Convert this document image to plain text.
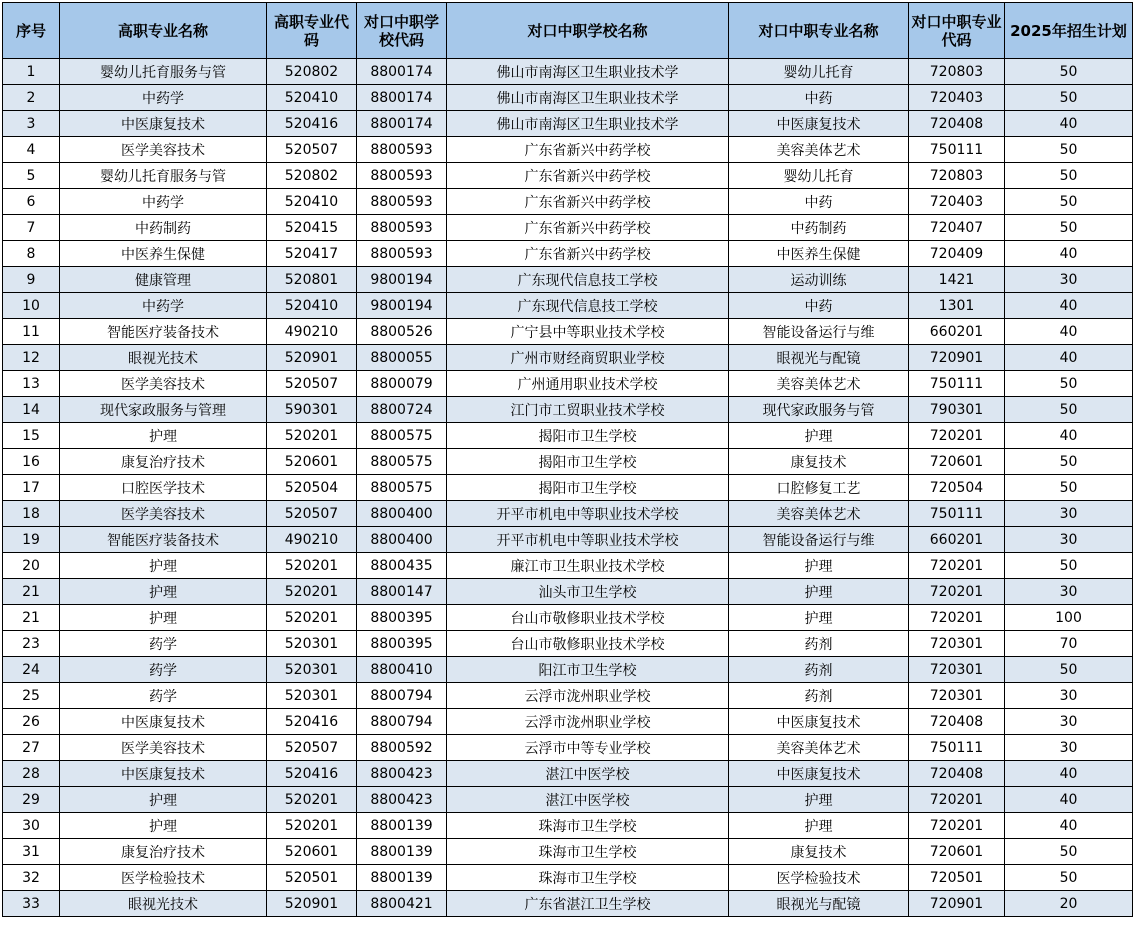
序号	高职专业名称	高职专业代码	对口中职学校代码	对口中职学校名称	对口中职专业名称	对口中职专业代码	2025年招生计划
1	婴幼儿托育服务与管	520802	8800174	佛山市南海区卫生职业技术学	婴幼儿托育	720803	50
2	中药学	520410	8800174	佛山市南海区卫生职业技术学	中药	720403	50
3	中医康复技术	520416	8800174	佛山市南海区卫生职业技术学	中医康复技术	720408	40
4	医学美容技术	520507	8800593	广东省新兴中药学校	美容美体艺术	750111	50
5	婴幼儿托育服务与管	520802	8800593	广东省新兴中药学校	婴幼儿托育	720803	50
6	中药学	520410	8800593	广东省新兴中药学校	中药	720403	50
7	中药制药	520415	8800593	广东省新兴中药学校	中药制药	720407	50
8	中医养生保健	520417	8800593	广东省新兴中药学校	中医养生保健	720409	40
9	健康管理	520801	9800194	广东现代信息技工学校	运动训练	1421	30
10	中药学	520410	9800194	广东现代信息技工学校	中药	1301	40
11	智能医疗装备技术	490210	8800526	广宁县中等职业技术学校	智能设备运行与维	660201	40
12	眼视光技术	520901	8800055	广州市财经商贸职业学校	眼视光与配镜	720901	40
13	医学美容技术	520507	8800079	广州通用职业技术学校	美容美体艺术	750111	50
14	现代家政服务与管理	590301	8800724	江门市工贸职业技术学校	现代家政服务与管	790301	50
15	护理	520201	8800575	揭阳市卫生学校	护理	720201	40
16	康复治疗技术	520601	8800575	揭阳市卫生学校	康复技术	720601	50
17	口腔医学技术	520504	8800575	揭阳市卫生学校	口腔修复工艺	720504	50
18	医学美容技术	520507	8800400	开平市机电中等职业技术学校	美容美体艺术	750111	30
19	智能医疗装备技术	490210	8800400	开平市机电中等职业技术学校	智能设备运行与维	660201	30
20	护理	520201	8800435	廉江市卫生职业技术学校	护理	720201	50
21	护理	520201	8800147	汕头市卫生学校	护理	720201	30
21	护理	520201	8800395	台山市敬修职业技术学校	护理	720201	100
23	药学	520301	8800395	台山市敬修职业技术学校	药剂	720301	70
24	药学	520301	8800410	阳江市卫生学校	药剂	720301	50
25	药学	520301	8800794	云浮市泷州职业学校	药剂	720301	30
26	中医康复技术	520416	8800794	云浮市泷州职业学校	中医康复技术	720408	30
27	医学美容技术	520507	8800592	云浮市中等专业学校	美容美体艺术	750111	30
28	中医康复技术	520416	8800423	湛江中医学校	中医康复技术	720408	40
29	护理	520201	8800423	湛江中医学校	护理	720201	40
30	护理	520201	8800139	珠海市卫生学校	护理	720201	40
31	康复治疗技术	520601	8800139	珠海市卫生学校	康复技术	720601	50
32	医学检验技术	520501	8800139	珠海市卫生学校	医学检验技术	720501	50
33	眼视光技术	520901	8800421	广东省湛江卫生学校	眼视光与配镜	720901	20
